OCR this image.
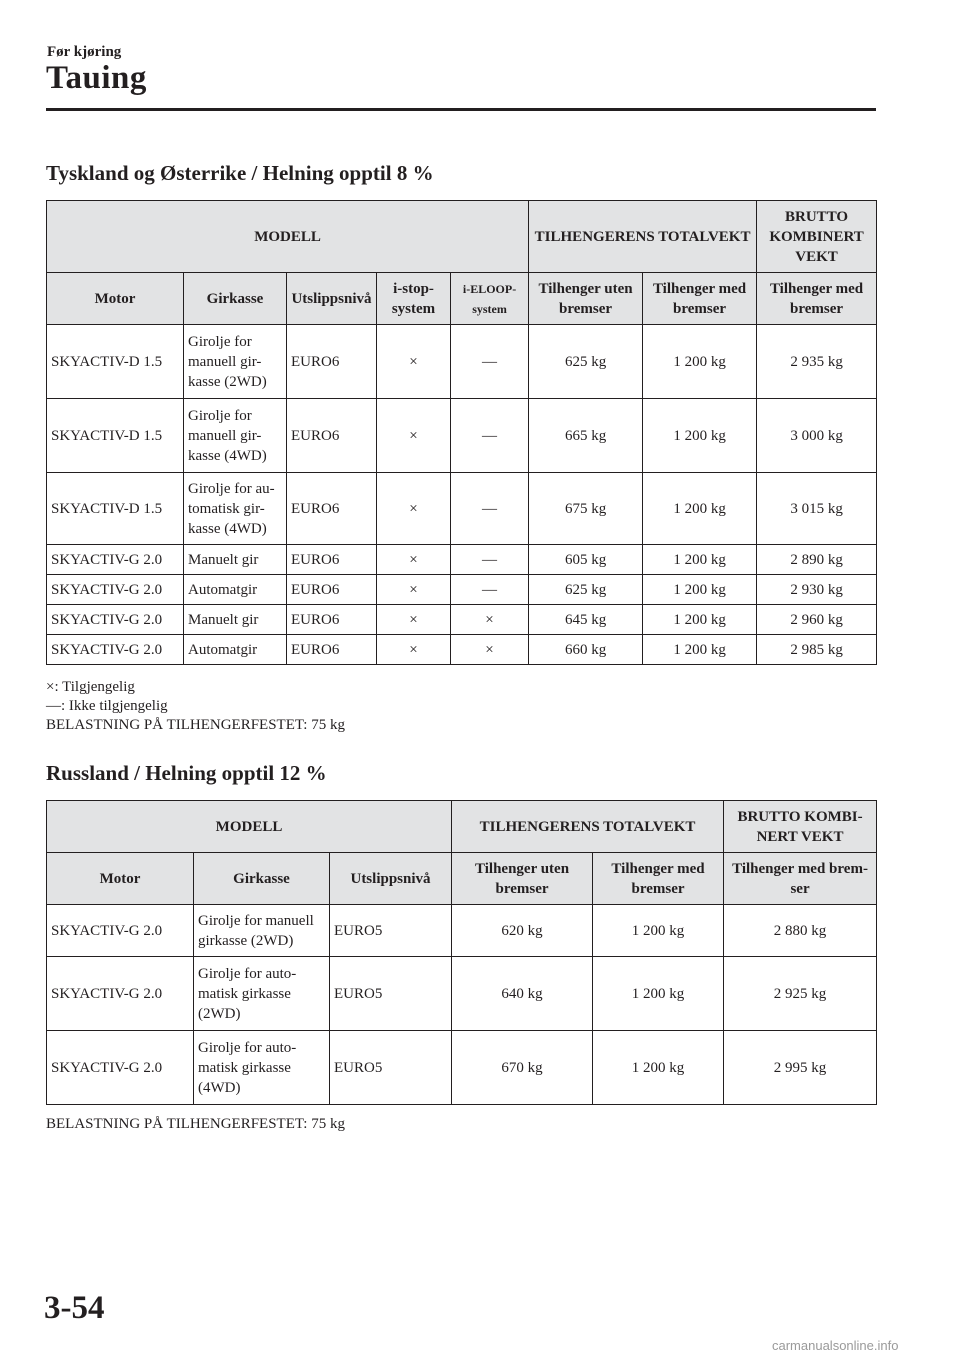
Før kjøring
Tauing
Tyskland og Østerrike / Helning opptil 8 %
MODELL					TILHENGERENS TOTALVEKT		BRUTTO KOMBINERT VEKT
Motor	Girkasse	Utslippsnivå	i-stop-system	i-ELOOP-system	Tilhenger uten bremser	Tilhenger med bremser	Tilhenger med bremser
SKYACTIV-D 1.5	Girolje for manuell gir-kasse (2WD)	EURO6	×	—	625 kg	1 200 kg	2 935 kg
SKYACTIV-D 1.5	Girolje for manuell gir-kasse (4WD)	EURO6	×	—	665 kg	1 200 kg	3 000 kg
SKYACTIV-D 1.5	Girolje for au-tomatisk gir-kasse (4WD)	EURO6	×	—	675 kg	1 200 kg	3 015 kg
SKYACTIV-G 2.0	Manuelt gir	EURO6	×	—	605 kg	1 200 kg	2 890 kg
SKYACTIV-G 2.0	Automatgir	EURO6	×	—	625 kg	1 200 kg	2 930 kg
SKYACTIV-G 2.0	Manuelt gir	EURO6	×	×	645 kg	1 200 kg	2 960 kg
SKYACTIV-G 2.0	Automatgir	EURO6	×	×	660 kg	1 200 kg	2 985 kg
×: Tilgjengelig
—: Ikke tilgjengelig
BELASTNING PÅ TILHENGERFESTET: 75 kg
Russland / Helning opptil 12 %
MODELL			TILHENGERENS TOTALVEKT		BRUTTO KOMBI-NERT VEKT
Motor	Girkasse	Utslippsnivå	Tilhenger uten bremser	Tilhenger med bremser	Tilhenger med brem-ser
SKYACTIV-G 2.0	Girolje for manuell girkasse (2WD)	EURO5	620 kg	1 200 kg	2 880 kg
SKYACTIV-G 2.0	Girolje for auto-matisk girkasse (2WD)	EURO5	640 kg	1 200 kg	2 925 kg
SKYACTIV-G 2.0	Girolje for auto-matisk girkasse (4WD)	EURO5	670 kg	1 200 kg	2 995 kg
BELASTNING PÅ TILHENGERFESTET: 75 kg
3-54
carmanualsonline.info
